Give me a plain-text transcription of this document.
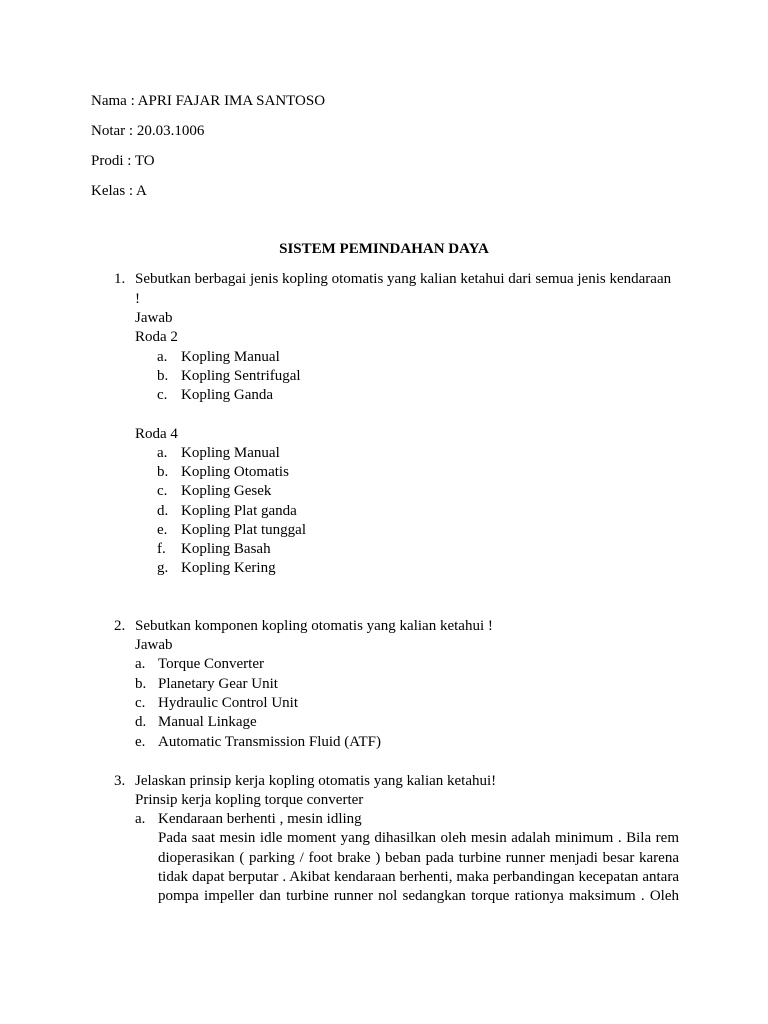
Nama : APRI FAJAR IMA SANTOSO
Notar : 20.03.1006
Prodi : TO
Kelas : A
SISTEM PEMINDAHAN DAYA
1. Sebutkan berbagai jenis kopling otomatis yang kalian ketahui dari semua jenis kendaraan
!
Jawab
Roda 2
a. Kopling Manual
b. Kopling Sentrifugal
c. Kopling Ganda
Roda 4
a. Kopling Manual
b. Kopling Otomatis
c. Kopling Gesek
d. Kopling Plat ganda
e. Kopling Plat tunggal
f. Kopling Basah
g. Kopling Kering
2. Sebutkan komponen kopling otomatis yang kalian ketahui !
Jawab
a. Torque Converter
b. Planetary Gear Unit
c. Hydraulic Control Unit
d. Manual Linkage
e. Automatic Transmission Fluid (ATF)
3. Jelaskan prinsip kerja kopling otomatis yang kalian ketahui!
Prinsip kerja kopling torque converter
a. Kendaraan berhenti , mesin idling
Pada saat mesin idle moment yang dihasilkan oleh mesin adalah minimum . Bila rem
dioperasikan ( parking / foot brake ) beban pada turbine runner menjadi besar karena
tidak dapat berputar . Akibat kendaraan berhenti, maka perbandingan kecepatan antara
pompa impeller dan turbine runner nol sedangkan torque rationya maksimum . Oleh
